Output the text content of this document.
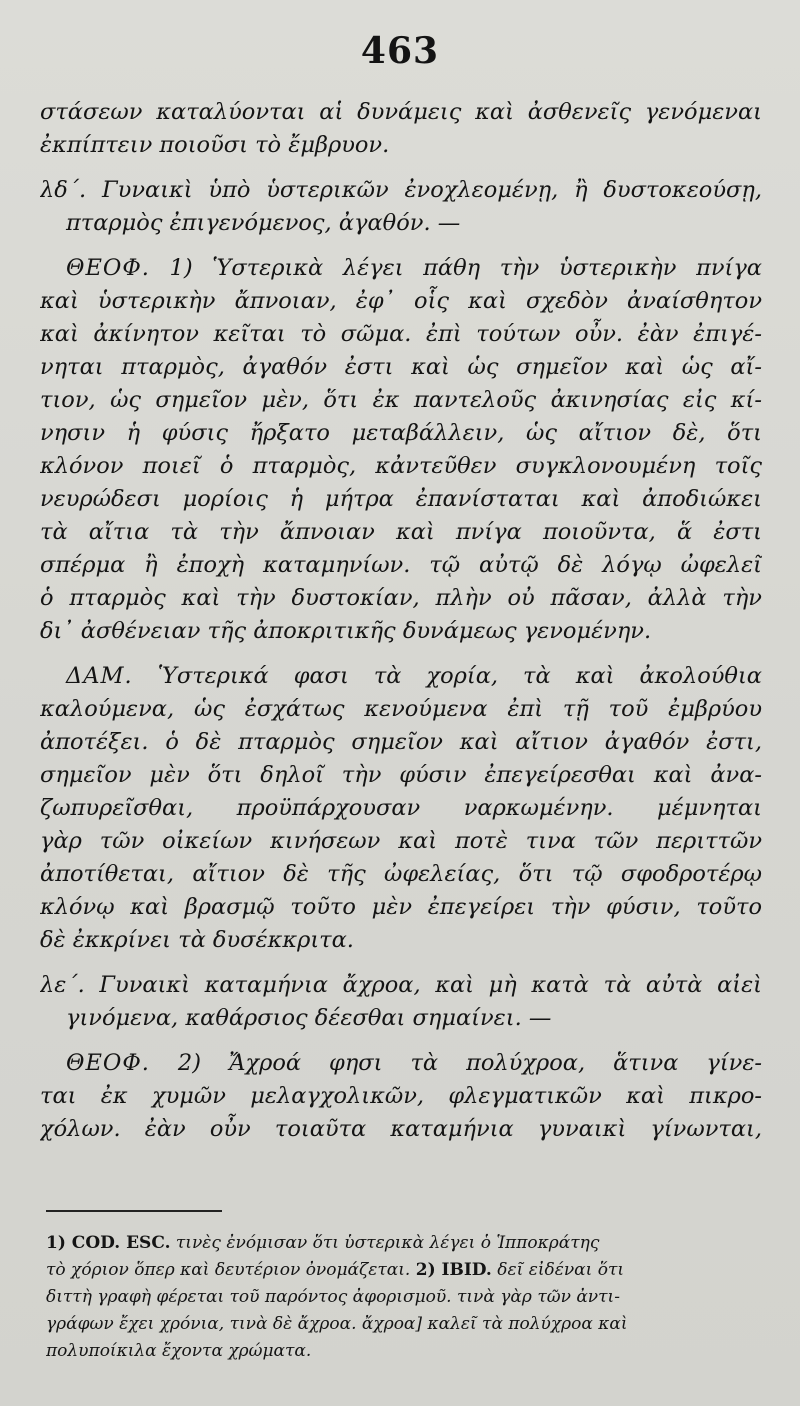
463
στάσεων καταλύονται αἱ δυνάμεις καὶ ἀσθενεῖς γενόμεναι
ἐκπίπτειν ποιοῦσι τὸ ἔμβρυον.
λδ΄. Γυναικὶ ὑπὸ ὑστερικῶν ἐνοχλεομένῃ, ἢ δυστοκεούσῃ,
πταρμὸς ἐπιγενόμενος, ἀγαθόν. —
ΘΕΟΦ. 1) Ὑστερικὰ λέγει πάθη τὴν ὑστερικὴν πνίγα
καὶ ὑστερικὴν ἄπνοιαν, ἐφ᾽ οἷς καὶ σχεδὸν ἀναίσθητον
καὶ ἀκίνητον κεῖται τὸ σῶμα. ἐπὶ τούτων οὖν. ἐὰν ἐπιγέ-
νηται πταρμὸς, ἀγαθόν ἐστι καὶ ὡς σημεῖον καὶ ὡς αἴ-
τιον, ὡς σημεῖον μὲν, ὅτι ἐκ παντελοῦς ἀκινησίας εἰς κί-
νησιν ἡ φύσις ἤρξατο μεταβάλλειν, ὡς αἴτιον δὲ, ὅτι
κλόνον ποιεῖ ὁ πταρμὸς, κἀντεῦθεν συγκλονουμένη τοῖς
νευρώδεσι μορίοις ἡ μήτρα ἐπανίσταται καὶ ἀποδιώκει
τὰ αἴτια τὰ τὴν ἄπνοιαν καὶ πνίγα ποιοῦντα, ἅ ἐστι
σπέρμα ἢ ἐποχὴ καταμηνίων. τῷ αὐτῷ δὲ λόγῳ ὠφελεῖ
ὁ πταρμὸς καὶ τὴν δυστοκίαν, πλὴν οὐ πᾶσαν, ἀλλὰ τὴν
δι᾽ ἀσθένειαν τῆς ἀποκριτικῆς δυνάμεως γενομένην.
ΔΑΜ. Ὑστερικά φασι τὰ χορία, τὰ καὶ ἀκολούθια
καλούμενα, ὡς ἐσχάτως κενούμενα ἐπὶ τῇ τοῦ ἐμβρύου
ἀποτέξει. ὁ δὲ πταρμὸς σημεῖον καὶ αἴτιον ἀγαθόν ἐστι,
σημεῖον μὲν ὅτι δηλοῖ τὴν φύσιν ἐπεγείρεσθαι καὶ ἀνα-
ζωπυρεῖσθαι, προϋπάρχουσαν ναρκωμένην. μέμνηται
γὰρ τῶν οἰκείων κινήσεων καὶ ποτὲ τινα τῶν περιττῶν
ἀποτίθεται, αἴτιον δὲ τῆς ὠφελείας, ὅτι τῷ σφοδροτέρῳ
κλόνῳ καὶ βρασμῷ τοῦτο μὲν ἐπεγείρει τὴν φύσιν, τοῦτο
δὲ ἐκκρίνει τὰ δυσέκκριτα.
λε΄. Γυναικὶ καταμήνια ἄχροα, καὶ μὴ κατὰ τὰ αὐτὰ αἰεὶ
γινόμενα, καθάρσιος δέεσθαι σημαίνει. —
ΘΕΟΦ. 2) Ἄχροά φησι τὰ πολύχροα, ἅτινα γίνε-
ται ἐκ χυμῶν μελαγχολικῶν, φλεγματικῶν καὶ πικρο-
χόλων. ἐὰν οὖν τοιαῦτα καταμήνια γυναικὶ γίνωνται,
1) COD. ESC. τινὲς ἐνόμισαν ὅτι ὑστερικὰ λέγει ὁ Ἱπποκράτης
τὸ χόριον ὅπερ καὶ δευτέριον ὀνομάζεται. 2) IBID. δεῖ εἰδέναι ὅτι
διττὴ γραφὴ φέρεται τοῦ παρόντος ἀφορισμοῦ. τινὰ γὰρ τῶν ἀντι-
γράφων ἔχει χρόνια, τινὰ δὲ ἄχροα. ἄχροα] καλεῖ τὰ πολύχροα καὶ
πολυποίκιλα ἔχοντα χρώματα.
